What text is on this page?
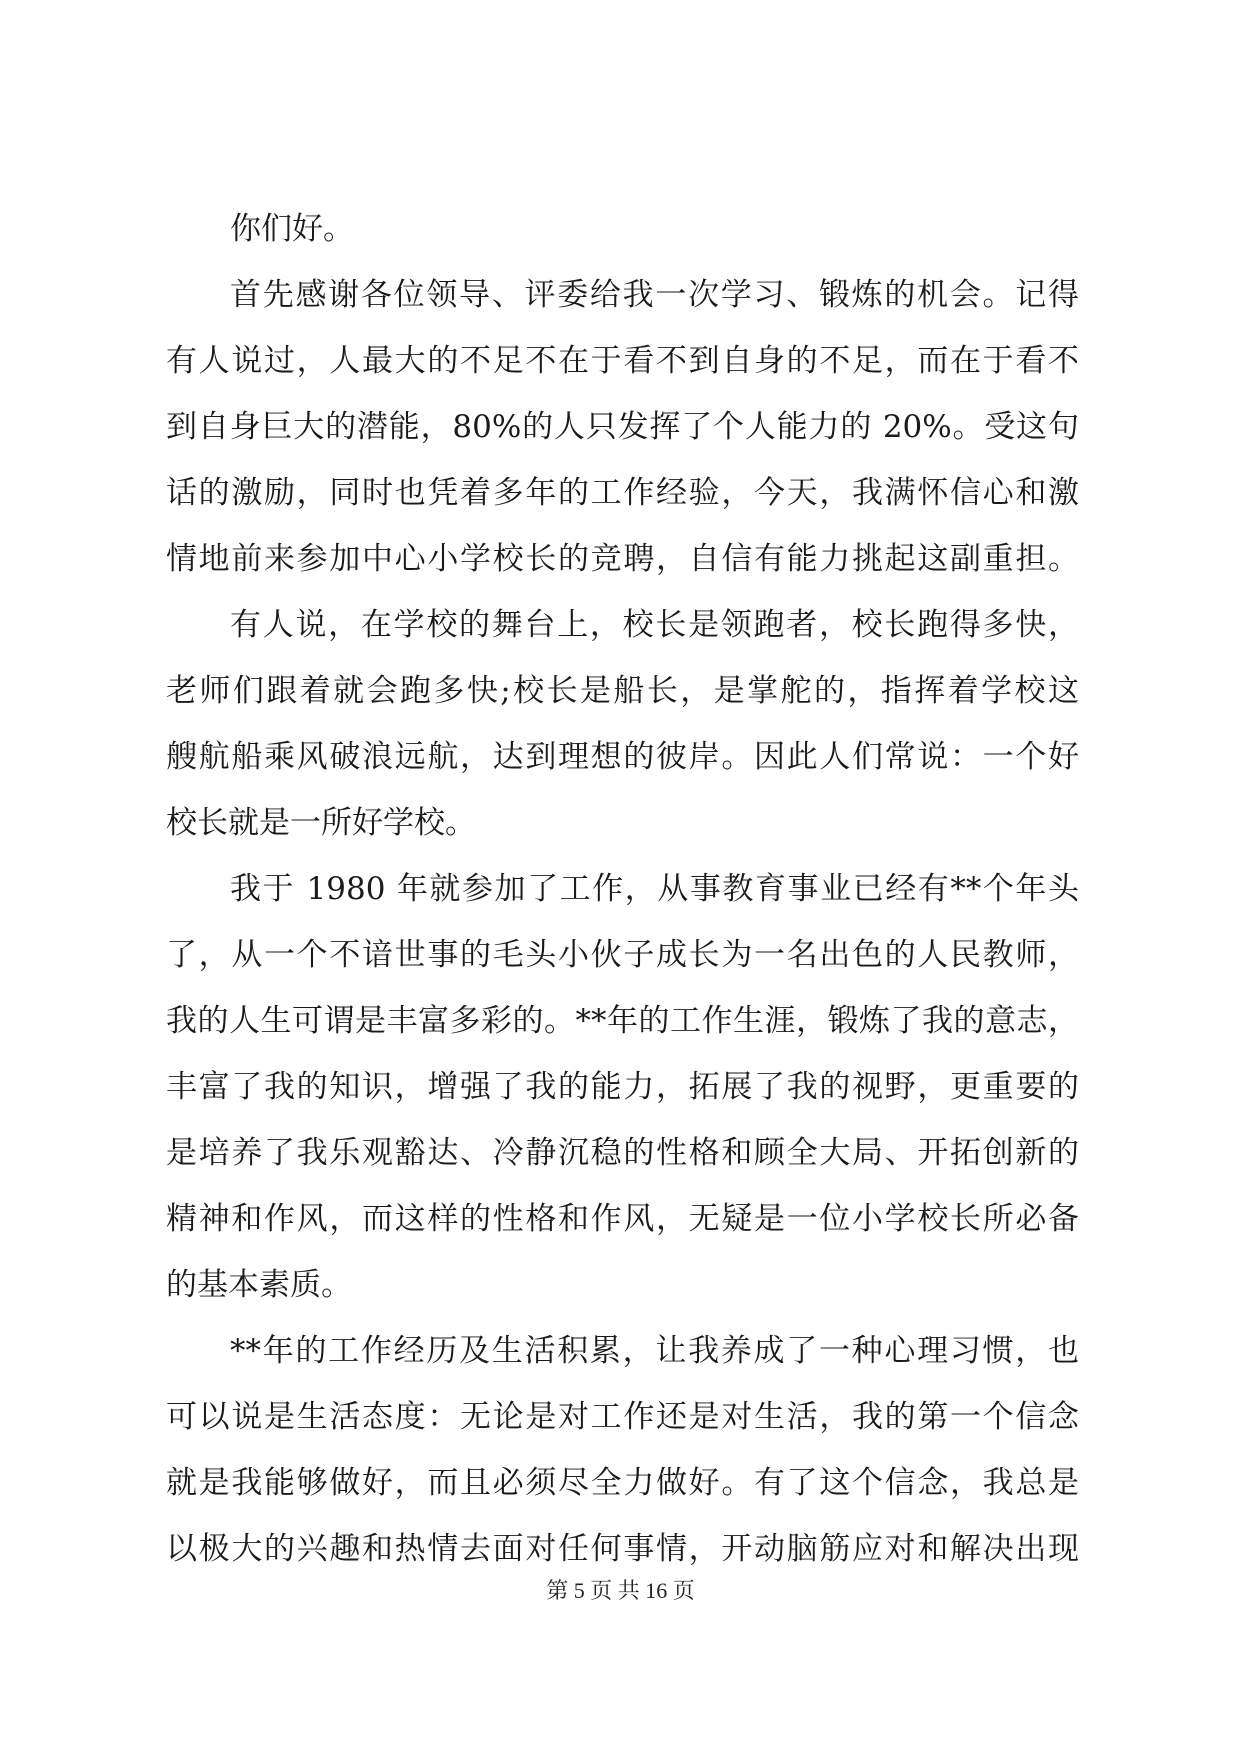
你们好。
首先感谢各位领导、评委给我一次学习、锻炼的机会。记得
有人说过，人最大的不足不在于看不到自身的不足，而在于看不
到自身巨大的潜能，80%的人只发挥了个人能力的 20%。受这句
话的激励，同时也凭着多年的工作经验，今天，我满怀信心和激
情地前来参加中心小学校长的竞聘，自信有能力挑起这副重担。
有人说，在学校的舞台上，校长是领跑者，校长跑得多快，
老师们跟着就会跑多快;校长是船长，是掌舵的，指挥着学校这
艘航船乘风破浪远航，达到理想的彼岸。因此人们常说：一个好
校长就是一所好学校。
我于 1980 年就参加了工作，从事教育事业已经有**个年头
了，从一个不谙世事的毛头小伙子成长为一名出色的人民教师，
我的人生可谓是丰富多彩的。**年的工作生涯，锻炼了我的意志，
丰富了我的知识，增强了我的能力，拓展了我的视野，更重要的
是培养了我乐观豁达、冷静沉稳的性格和顾全大局、开拓创新的
精神和作风，而这样的性格和作风，无疑是一位小学校长所必备
的基本素质。
**年的工作经历及生活积累，让我养成了一种心理习惯，也
可以说是生活态度：无论是对工作还是对生活，我的第一个信念
就是我能够做好，而且必须尽全力做好。有了这个信念，我总是
以极大的兴趣和热情去面对任何事情，开动脑筋应对和解决出现
第 5 页 共 16 页
